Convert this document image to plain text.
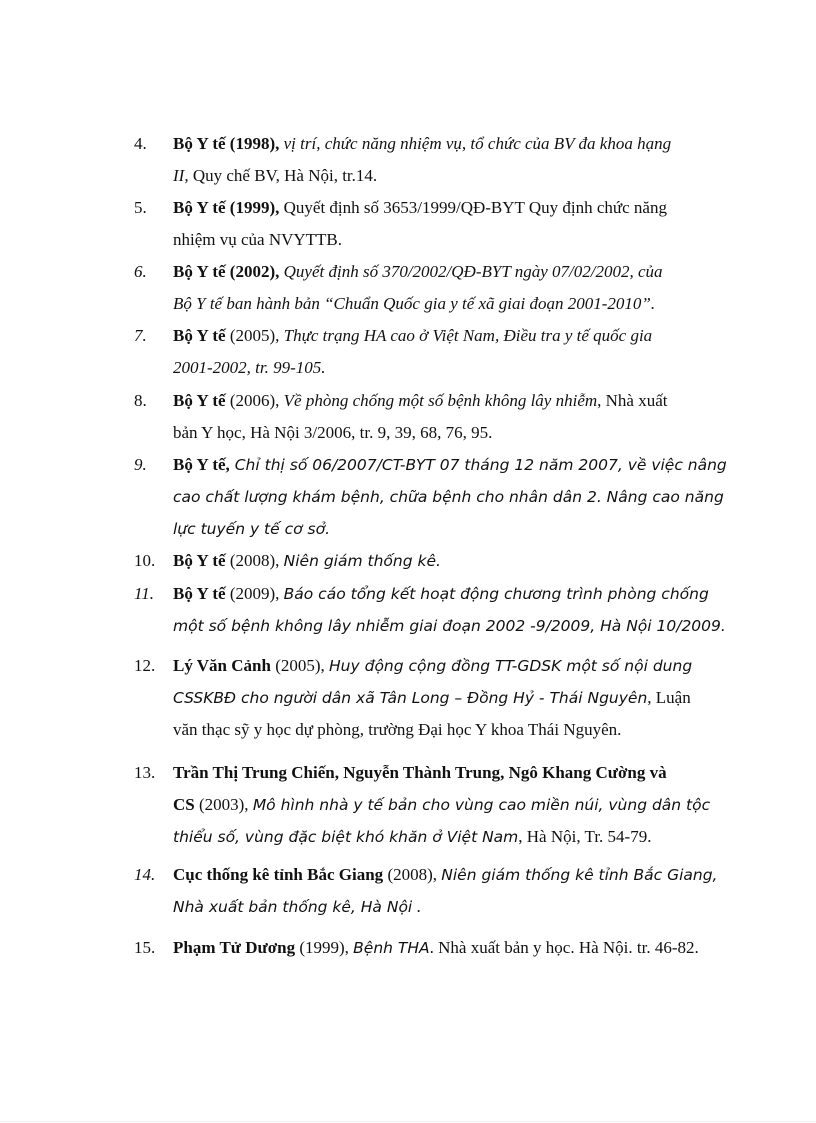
4.	Bộ Y tế (1998), vị trí, chức năng nhiệm vụ, tổ chức của BV đa khoa hạng
II, Quy chế BV, Hà Nội, tr.14.
5.	Bộ Y tế (1999), Quyết định số 3653/1999/QĐ-BYT Quy định chức năng
nhiệm vụ của NVYTTB.
6.	Bộ Y tế (2002), Quyết định số 370/2002/QĐ-BYT ngày 07/02/2002, của
Bộ Y tế ban hành bản “Chuẩn Quốc gia y tế xã giai đoạn 2001-2010”.
7.	Bộ Y tế (2005), Thực trạng HA cao ở Việt Nam, Điều tra y tế quốc gia
2001-2002, tr. 99-105.
8.	Bộ Y tế (2006), Về phòng chống một số bệnh không lây nhiễm, Nhà xuất
bản Y học, Hà Nội 3/2006, tr. 9, 39, 68, 76, 95.
9.	Bộ Y tế, Chỉ thị số 06/2007/CT-BYT 07 tháng 12 năm 2007, về việc nâng
cao chất lượng khám bệnh, chữa bệnh cho nhân dân 2. Nâng cao năng
lực tuyến y tế cơ sở.
10.	Bộ Y tế (2008), Niên giám thống kê.
11.	Bộ Y tế (2009), Báo cáo tổng kết hoạt động chương trình phòng chống
một số bệnh không lây nhiễm giai đoạn 2002 -9/2009, Hà Nội 10/2009.
12.	Lý Văn Cảnh (2005), Huy động cộng đồng TT-GDSK một số nội dung
CSSKBĐ cho người dân xã Tân Long – Đồng Hỷ - Thái Nguyên, Luận
văn thạc sỹ y học dự phòng, trường Đại học Y khoa Thái Nguyên.
13.	Trần Thị Trung Chiến, Nguyễn Thành Trung, Ngô Khang Cường và
CS (2003), Mô hình nhà y tế bản cho vùng cao miền núi, vùng dân tộc
thiểu số, vùng đặc biệt khó khăn ở Việt Nam, Hà Nội, Tr. 54-79.
14.	Cục thống kê tỉnh Bắc Giang (2008), Niên giám thống kê tỉnh Bắc Giang,
Nhà xuất bản thống kê, Hà Nội .
15.	Phạm Tử Dương (1999), Bệnh THA. Nhà xuất bản y học. Hà Nội. tr. 46-82.
